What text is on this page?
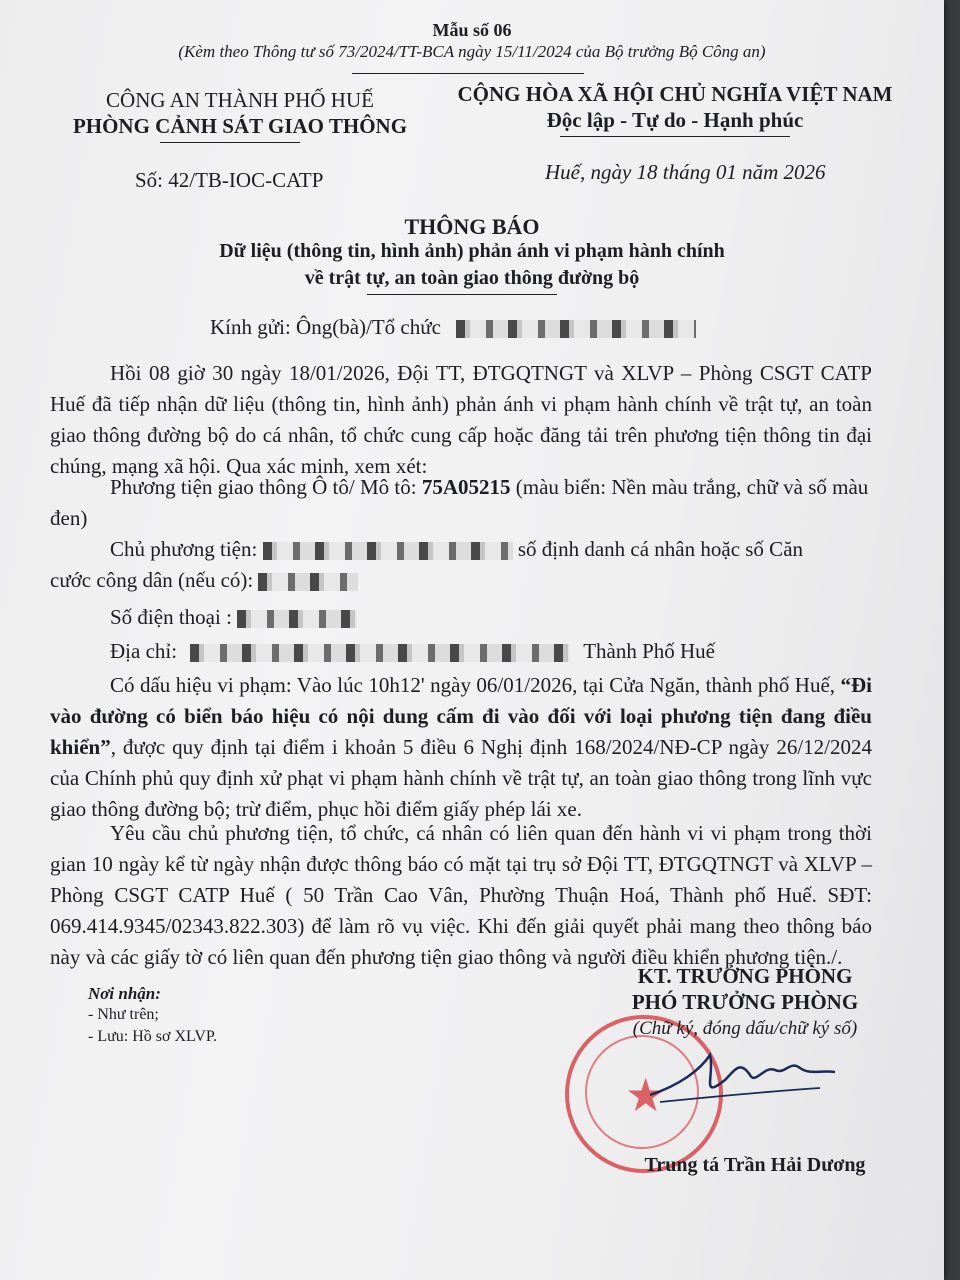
Mẫu số 06
(Kèm theo Thông tư số 73/2024/TT-BCA ngày 15/11/2024 của Bộ trưởng Bộ Công an)
CÔNG AN THÀNH PHỐ HUẾ
PHÒNG CẢNH SÁT GIAO THÔNG
CỘNG HÒA XÃ HỘI CHỦ NGHĨA VIỆT NAM
Độc lập - Tự do - Hạnh phúc
Số: 42/TB-IOC-CATP	Huế, ngày 18 tháng 01 năm 2026
THÔNG BÁO
Dữ liệu (thông tin, hình ảnh) phản ánh vi phạm hành chính
về trật tự, an toàn giao thông đường bộ
Kính gửi: Ông(bà)/Tổ chức
Hồi 08 giờ 30 ngày 18/01/2026, Đội TT, ĐTGQTNGT và XLVP – Phòng CSGT CATP Huế đã tiếp nhận dữ liệu (thông tin, hình ảnh) phản ánh vi phạm hành chính về trật tự, an toàn giao thông đường bộ do cá nhân, tổ chức cung cấp hoặc đăng tải trên phương tiện thông tin đại chúng, mạng xã hội. Qua xác minh, xem xét:
Phương tiện giao thông Ô tô/ Mô tô: 75A05215 (màu biển: Nền màu trắng, chữ và số màu đen)
Chủ phương tiện:	số định danh cá nhân hoặc số Căn
cước công dân (nếu có):
Số điện thoại :
Địa chỉ:	Thành Phố Huế
Có dấu hiệu vi phạm: Vào lúc 10h12' ngày 06/01/2026, tại Cửa Ngăn, thành phố Huế, “Đi vào đường có biển báo hiệu có nội dung cấm đi vào đối với loại phương tiện đang điều khiển”, được quy định tại điểm i khoản 5 điều 6 Nghị định 168/2024/NĐ-CP ngày 26/12/2024 của Chính phủ quy định xử phạt vi phạm hành chính về trật tự, an toàn giao thông trong lĩnh vực giao thông đường bộ; trừ điểm, phục hồi điểm giấy phép lái xe.
Yêu cầu chủ phương tiện, tổ chức, cá nhân có liên quan đến hành vi vi phạm trong thời gian 10 ngày kể từ ngày nhận được thông báo có mặt tại trụ sở Đội TT, ĐTGQTNGT và XLVP – Phòng CSGT CATP Huế ( 50 Trần Cao Vân, Phường Thuận Hoá, Thành phố Huế. SĐT: 069.414.9345/02343.822.303) để làm rõ vụ việc. Khi đến giải quyết phải mang theo thông báo này và các giấy tờ có liên quan đến phương tiện giao thông và người điều khiển phương tiện./.
Nơi nhận:
- Như trên;
- Lưu: Hồ sơ XLVP.
★
KT. TRƯỞNG PHÒNG
PHÓ TRƯỞNG PHÒNG
(Chữ ký, đóng dấu/chữ ký số)
Trung tá Trần Hải Dương
